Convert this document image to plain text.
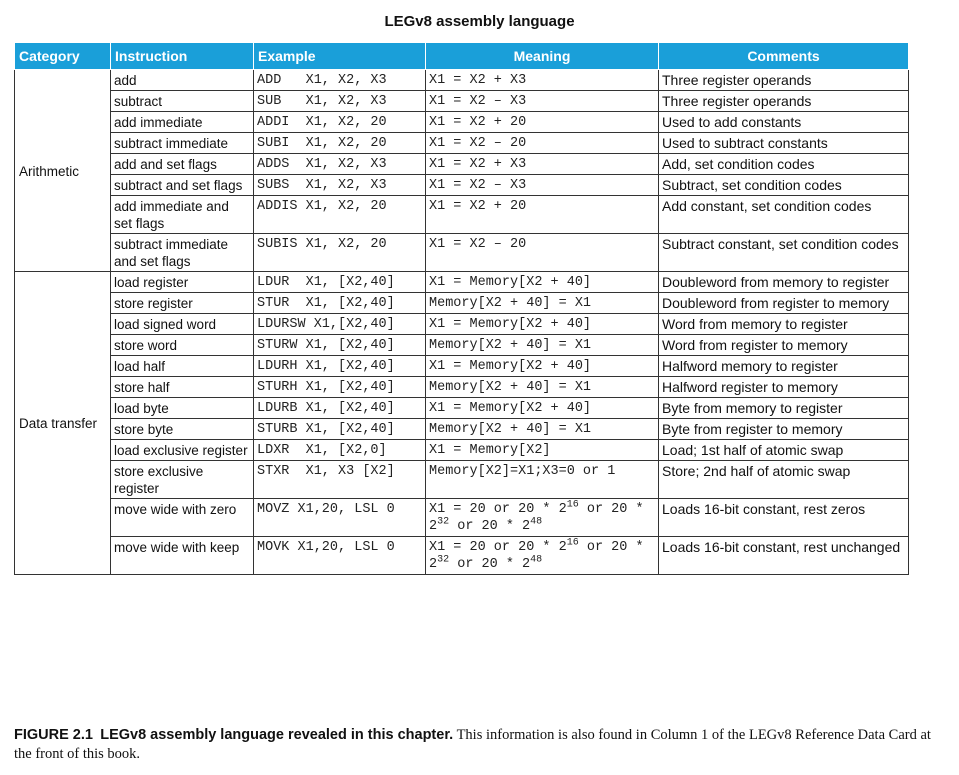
LEGv8 assembly language
Category	Instruction	Example	Meaning	Comments
Arithmetic	add	ADD   X1, X2, X3	X1 = X2 + X3	Three register operands
	subtract	SUB   X1, X2, X3	X1 = X2 – X3	Three register operands
	add immediate	ADDI  X1, X2, 20	X1 = X2 + 20	Used to add constants
	subtract immediate	SUBI  X1, X2, 20	X1 = X2 – 20	Used to subtract constants
	add and set flags	ADDS  X1, X2, X3	X1 = X2 + X3	Add, set condition codes
	subtract and set flags	SUBS  X1, X2, X3	X1 = X2 – X3	Subtract, set condition codes
	add immediate and set flags	ADDIS X1, X2, 20	X1 = X2 + 20	Add constant, set condition codes
	subtract immediate and set flags	SUBIS X1, X2, 20	X1 = X2 – 20	Subtract constant, set condition codes
Data transfer	load register	LDUR  X1, [X2,40]	X1 = Memory[X2 + 40]	Doubleword from memory to register
	store register	STUR  X1, [X2,40]	Memory[X2 + 40] = X1	Doubleword from register to memory
	load signed word	LDURSW X1,[X2,40]	X1 = Memory[X2 + 40]	Word from memory to register
	store word	STURW X1, [X2,40]	Memory[X2 + 40] = X1	Word from register to memory
	load half	LDURH X1, [X2,40]	X1 = Memory[X2 + 40]	Halfword memory to register
	store half	STURH X1, [X2,40]	Memory[X2 + 40] = X1	Halfword register to memory
	load byte	LDURB X1, [X2,40]	X1 = Memory[X2 + 40]	Byte from memory to register
	store byte	STURB X1, [X2,40]	Memory[X2 + 40] = X1	Byte from register to memory
	load exclusive register	LDXR  X1, [X2,0]	X1 = Memory[X2]	Load; 1st half of atomic swap
	store exclusive register	STXR  X1, X3 [X2]	Memory[X2]=X1;X3=0 or 1	Store; 2nd half of atomic swap
	move wide with zero	MOVZ X1,20, LSL 0	X1 = 20 or $20 * 2^{16}$ or $20 * 2^{32}$ or $20 * 2^{48}$	Loads 16-bit constant, rest zeros
	move wide with keep	MOVK X1,20, LSL 0	X1 = 20 or $20 * 2^{16}$ or $20 * 2^{32}$ or $20 * 2^{48}$	Loads 16-bit constant, rest unchanged
FIGURE 2.1 LEGv8 assembly language revealed in this chapter. This information is also found in Column 1 of the LEGv8 Reference Data Card at the front of this book.
